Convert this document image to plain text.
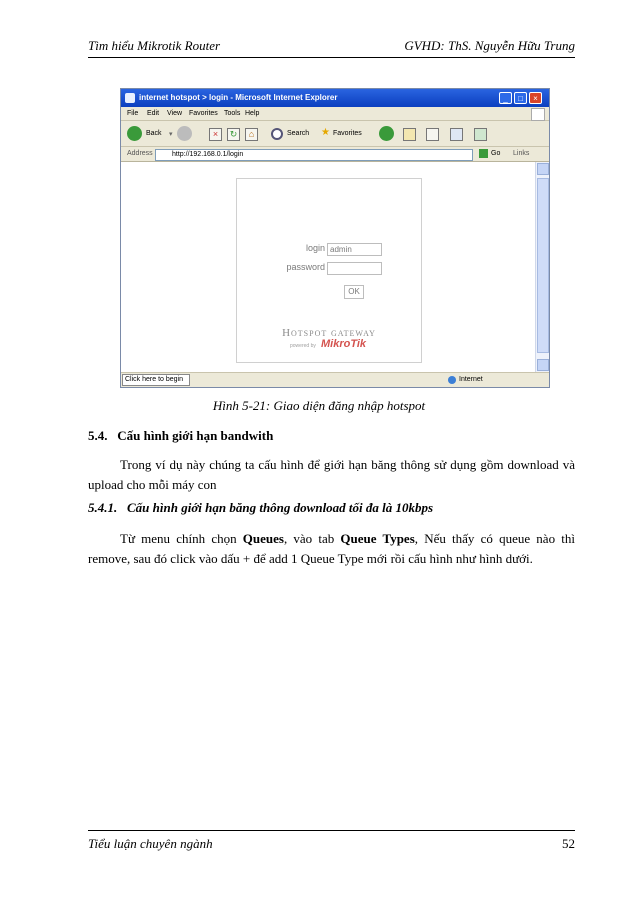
Tìm hiểu Mikrotik Router	GVHD: ThS. Nguyễn Hữu Trung
internet hotspot > login - Microsoft Internet Explorer	_	□	×
File Edit View Favorites Tools Help
Back ▾	×	↻	⌂	Search ★ Favorites
Address	http://192.168.0.1/login	Go Links
login admin
password
OK
Hotspot gateway
powered by MikroTik
Click here to begin	Internet
Hình 5-21: Giao diện đăng nhập hotspot
5.4.   Cấu hình giới hạn bandwith
Trong ví dụ này chúng ta cấu hình để giới hạn băng thông sử dụng gồm download và upload cho mỗi máy con
5.4.1.   Cấu hình giới hạn băng thông download tối đa là 10kbps
Từ menu chính chọn Queues, vào tab Queue Types, Nếu thấy có queue nào thì remove, sau đó click vào dấu + để add 1 Queue Type mới rồi cấu hình như hình dưới.
Tiểu luận chuyên ngành	52
